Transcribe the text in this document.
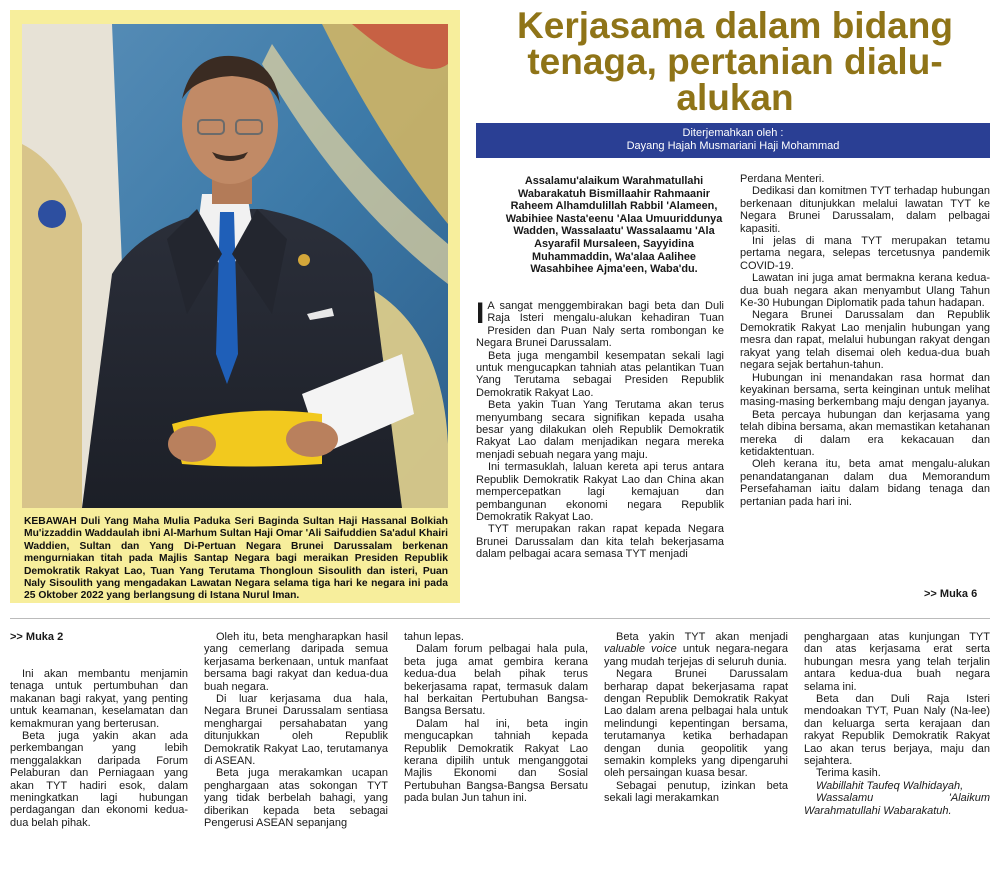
KEBAWAH Duli Yang Maha Mulia Paduka Seri Baginda Sultan Haji Hassanal Bolkiah Mu'izzaddin Waddaulah ibni Al-Marhum Sultan Haji Omar 'Ali Saifuddien Sa'adul Khairi Waddien, Sultan dan Yang Di-Pertuan Negara Brunei Darussalam berkenan mengurniakan titah pada Majlis Santap Negara bagi meraikan Presiden Republik Demokratik Rakyat Lao, Tuan Yang Terutama Thongloun Sisoulith dan isteri, Puan Naly Sisoulith yang mengadakan Lawatan Negara selama tiga hari ke negara ini pada 25 Oktober 2022 yang berlangsung di Istana Nurul Iman.
Kerjasama dalam bidang tenaga, pertanian dialu-alukan
Diterjemahkan oleh :
Dayang Hajah Musmariani Haji Mohammad
Assalamu'alaikum Warahmatullahi Wabarakatuh Bismillaahir Rahmaanir Raheem Alhamdulillah Rabbil 'Alameen, Wabihiee Nasta'eenu 'Alaa Umuuriddunya Wadden, Wassalaatu' Wassalaamu 'Ala Asyarafil Mursaleen, Sayyidina Muhammaddin, Wa'alaa Aalihee Wasahbihee Ajma'een, Waba'du.

I A sangat menggembirakan bagi beta dan Duli Raja Isteri mengalu-alukan kehadiran Tuan Presiden dan Puan Naly serta rombongan ke Negara Brunei Darussalam.

Beta juga mengambil kesempatan sekali lagi untuk mengucapkan tahniah atas pelantikan Tuan Yang Terutama sebagai Presiden Republik Demokratik Rakyat Lao.

Beta yakin Tuan Yang Terutama akan terus menyumbang secara signifikan kepada usaha besar yang dilakukan oleh Republik Demokratik Rakyat Lao dalam menjadikan negara mereka menjadi sebuah negara yang maju.

Ini termasuklah, laluan kereta api terus antara Republik Demokratik Rakyat Lao dan China akan mempercepatkan lagi kemajuan dan pembangunan ekonomi negara Republik Demokratik Rakyat Lao.

TYT merupakan rakan rapat kepada Negara Brunei Darussalam dan kita telah bekerjasama dalam pelbagai acara semasa TYT menjadi

Perdana Menteri.

Dedikasi dan komitmen TYT terhadap hubungan berkenaan ditunjukkan melalui lawatan TYT ke Negara Brunei Darussalam, dalam pelbagai kapasiti.

Ini jelas di mana TYT merupakan tetamu pertama negara, selepas tercetusnya pandemik COVID-19.

Lawatan ini juga amat bermakna kerana kedua-dua buah negara akan menyambut Ulang Tahun Ke-30 Hubungan Diplomatik pada tahun hadapan.

Negara Brunei Darussalam dan Republik Demokratik Rakyat Lao menjalin hubungan yang mesra dan rapat, melalui hubungan rakyat dengan rakyat yang telah disemai oleh kedua-dua buah negara sejak bertahun-tahun.

Hubungan ini menandakan rasa hormat dan keyakinan bersama, serta keinginan untuk melihat masing-masing berkembang maju dengan jayanya.

Beta percaya hubungan dan kerjasama yang telah dibina bersama, akan memastikan ketahanan mereka di dalam era kekacauan dan ketidaktentuan.

Oleh kerana itu, beta amat mengalu-alukan penandatanganan dalam dua Memorandum Persefahaman iaitu dalam bidang tenaga dan pertanian pada hari ini.

>> Muka 6
>> Muka 2

Ini akan membantu menjamin tenaga untuk pertumbuhan dan makanan bagi rakyat, yang penting untuk keamanan, keselamatan dan kemakmuran yang berterusan.

Beta juga yakin akan ada perkembangan yang lebih menggalakkan daripada Forum Pelaburan dan Perniagaan yang akan TYT hadiri esok, dalam meningkatkan lagi hubungan perdagangan dan ekonomi kedua-dua belah pihak.

Oleh itu, beta mengharapkan hasil yang cemerlang daripada semua kerjasama berkenaan, untuk manfaat bersama bagi rakyat dan kedua-dua buah negara.

Di luar kerjasama dua hala, Negara Brunei Darussalam sentiasa menghargai persahabatan yang ditunjukkan oleh Republik Demokratik Rakyat Lao, terutamanya di ASEAN.

Beta juga merakamkan ucapan penghargaan atas sokongan TYT yang tidak berbelah bahagi, yang diberikan kepada beta sebagai Pengerusi ASEAN sepanjang

tahun lepas.

Dalam forum pelbagai hala pula, beta juga amat gembira kerana kedua-dua belah pihak terus bekerjasama rapat, termasuk dalam hal berkaitan Pertubuhan Bangsa-Bangsa Bersatu.

Dalam hal ini, beta ingin mengucapkan tahniah kepada Republik Demokratik Rakyat Lao kerana dipilih untuk menganggotai Majlis Ekonomi dan Sosial Pertubuhan Bangsa-Bangsa Bersatu pada bulan Jun tahun ini.

Beta yakin TYT akan menjadi valuable voice untuk negara-negara yang mudah terjejas di seluruh dunia.

Negara Brunei Darussalam berharap dapat bekerjasama rapat dengan Republik Demokratik Rakyat Lao dalam arena pelbagai hala untuk melindungi kepentingan bersama, terutamanya ketika berhadapan dengan dunia geopolitik yang semakin kompleks yang dipengaruhi oleh persaingan kuasa besar.

Sebagai penutup, izinkan beta sekali lagi merakamkan

penghargaan atas kunjungan TYT dan atas kerjasama erat serta hubungan mesra yang telah terjalin antara kedua-dua buah negara selama ini.

Beta dan Duli Raja Isteri mendoakan TYT, Puan Naly (Na-lee) dan keluarga serta kerajaan dan rakyat Republik Demokratik Rakyat Lao akan terus berjaya, maju dan sejahtera.

Terima kasih.

Wabillahit Taufeq Walhidayah,

Wassalamu 'Alaikum Warahmatullahi Wabarakatuh.
